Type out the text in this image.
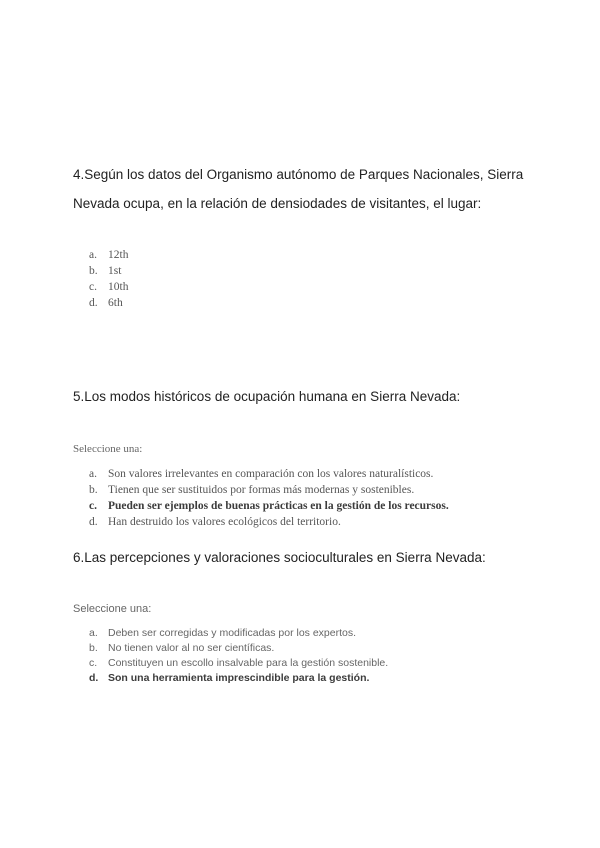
4.Según los datos del Organismo autónomo de Parques Nacionales, Sierra

Nevada ocupa, en la relación de densiodades de visitantes, el lugar:

a. 12th
b. 1st
c. 10th
d. 6th

5.Los modos históricos de ocupación humana en Sierra Nevada:

Seleccione una:

a. Son valores irrelevantes en comparación con los valores naturalísticos.
b. Tienen que ser sustituidos por formas más modernas y sostenibles.
c. Pueden ser ejemplos de buenas prácticas en la gestión de los recursos.
d. Han destruido los valores ecológicos del territorio.

6.Las percepciones y valoraciones socioculturales en Sierra Nevada:

Seleccione una:

a. Deben ser corregidas y modificadas por los expertos.
b. No tienen valor al no ser científicas.
c.	Constituyen un escollo insalvable para la gestión sostenible.
d. Son una herramienta imprescindible para la gestión.
